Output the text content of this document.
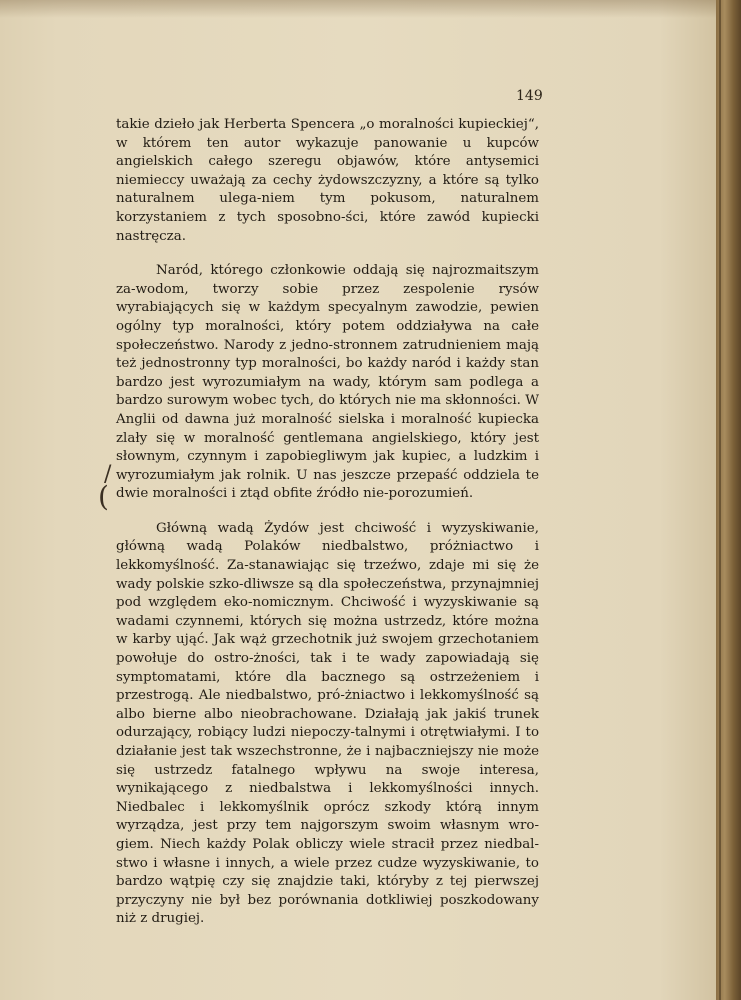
149
/
(

takie dzieło jak Herberta Spencera „o moralności kupieckiej“, w którem ten autor wykazuje panowanie u kupców angielskich całego szeregu objawów, które antysemici niemieccy uważają za cechy żydowszczyzny, a które są tylko naturalnem ulega-niem tym pokusom, naturalnem korzystaniem z tych sposobno-ści, które zawód kupiecki nastręcza.

Naród, którego członkowie oddają się najrozmaitszym za-wodom, tworzy sobie przez zespolenie rysów wyrabiających się w każdym specyalnym zawodzie, pewien ogólny typ moralności, który potem oddziaływa na całe społeczeństwo. Narody z jedno-stronnem zatrudnieniem mają też jednostronny typ moralności, bo każdy naród i każdy stan bardzo jest wyrozumiałym na wady, którym sam podlega a bardzo surowym wobec tych, do których nie ma skłonności. W Anglii od dawna już moralność sielska i moralność kupiecka zlały się w moralność gentlemana angielskiego, który jest słownym, czynnym i zapobiegliwym jak kupiec, a ludzkim i wyrozumiałym jak rolnik. U nas jeszcze przepaść oddziela te dwie moralności i ztąd obfite źródło nie-porozumień.

Główną wadą Żydów jest chciwość i wyzyskiwanie, główną wadą Polaków niedbalstwo, próżniactwo i lekkomyślność. Za-stanawiając się trzeźwo, zdaje mi się że wady polskie szko-dliwsze są dla społeczeństwa, przynajmniej pod względem eko-nomicznym. Chciwość i wyzyskiwanie są wadami czynnemi, których się można ustrzedz, które można w karby ująć. Jak wąż grzechotnik już swojem grzechotaniem powołuje do ostro-żności, tak i te wady zapowiadają się symptomatami, które dla bacznego są ostrzeżeniem i przestrogą. Ale niedbalstwo, pró-żniactwo i lekkomyślność są albo bierne albo nieobrachowane. Działają jak jakiś trunek odurzający, robiący ludzi niepoczy-talnymi i otrętwiałymi. I to działanie jest tak wszechstronne, że i najbaczniejszy nie może się ustrzedz fatalnego wpływu na swoje interesa, wynikającego z niedbalstwa i lekkomyślności innych. Niedbalec i lekkomyślnik oprócz szkody którą innym wyrządza, jest przy tem najgorszym swoim własnym wro-giem. Niech każdy Polak obliczy wiele stracił przez niedbal-stwo i własne i innych, a wiele przez cudze wyzyskiwanie, to bardzo wątpię czy się znajdzie taki, któryby z tej pierwszej przyczyny nie był bez porównania dotkliwiej poszkodowany niż z drugiej.
